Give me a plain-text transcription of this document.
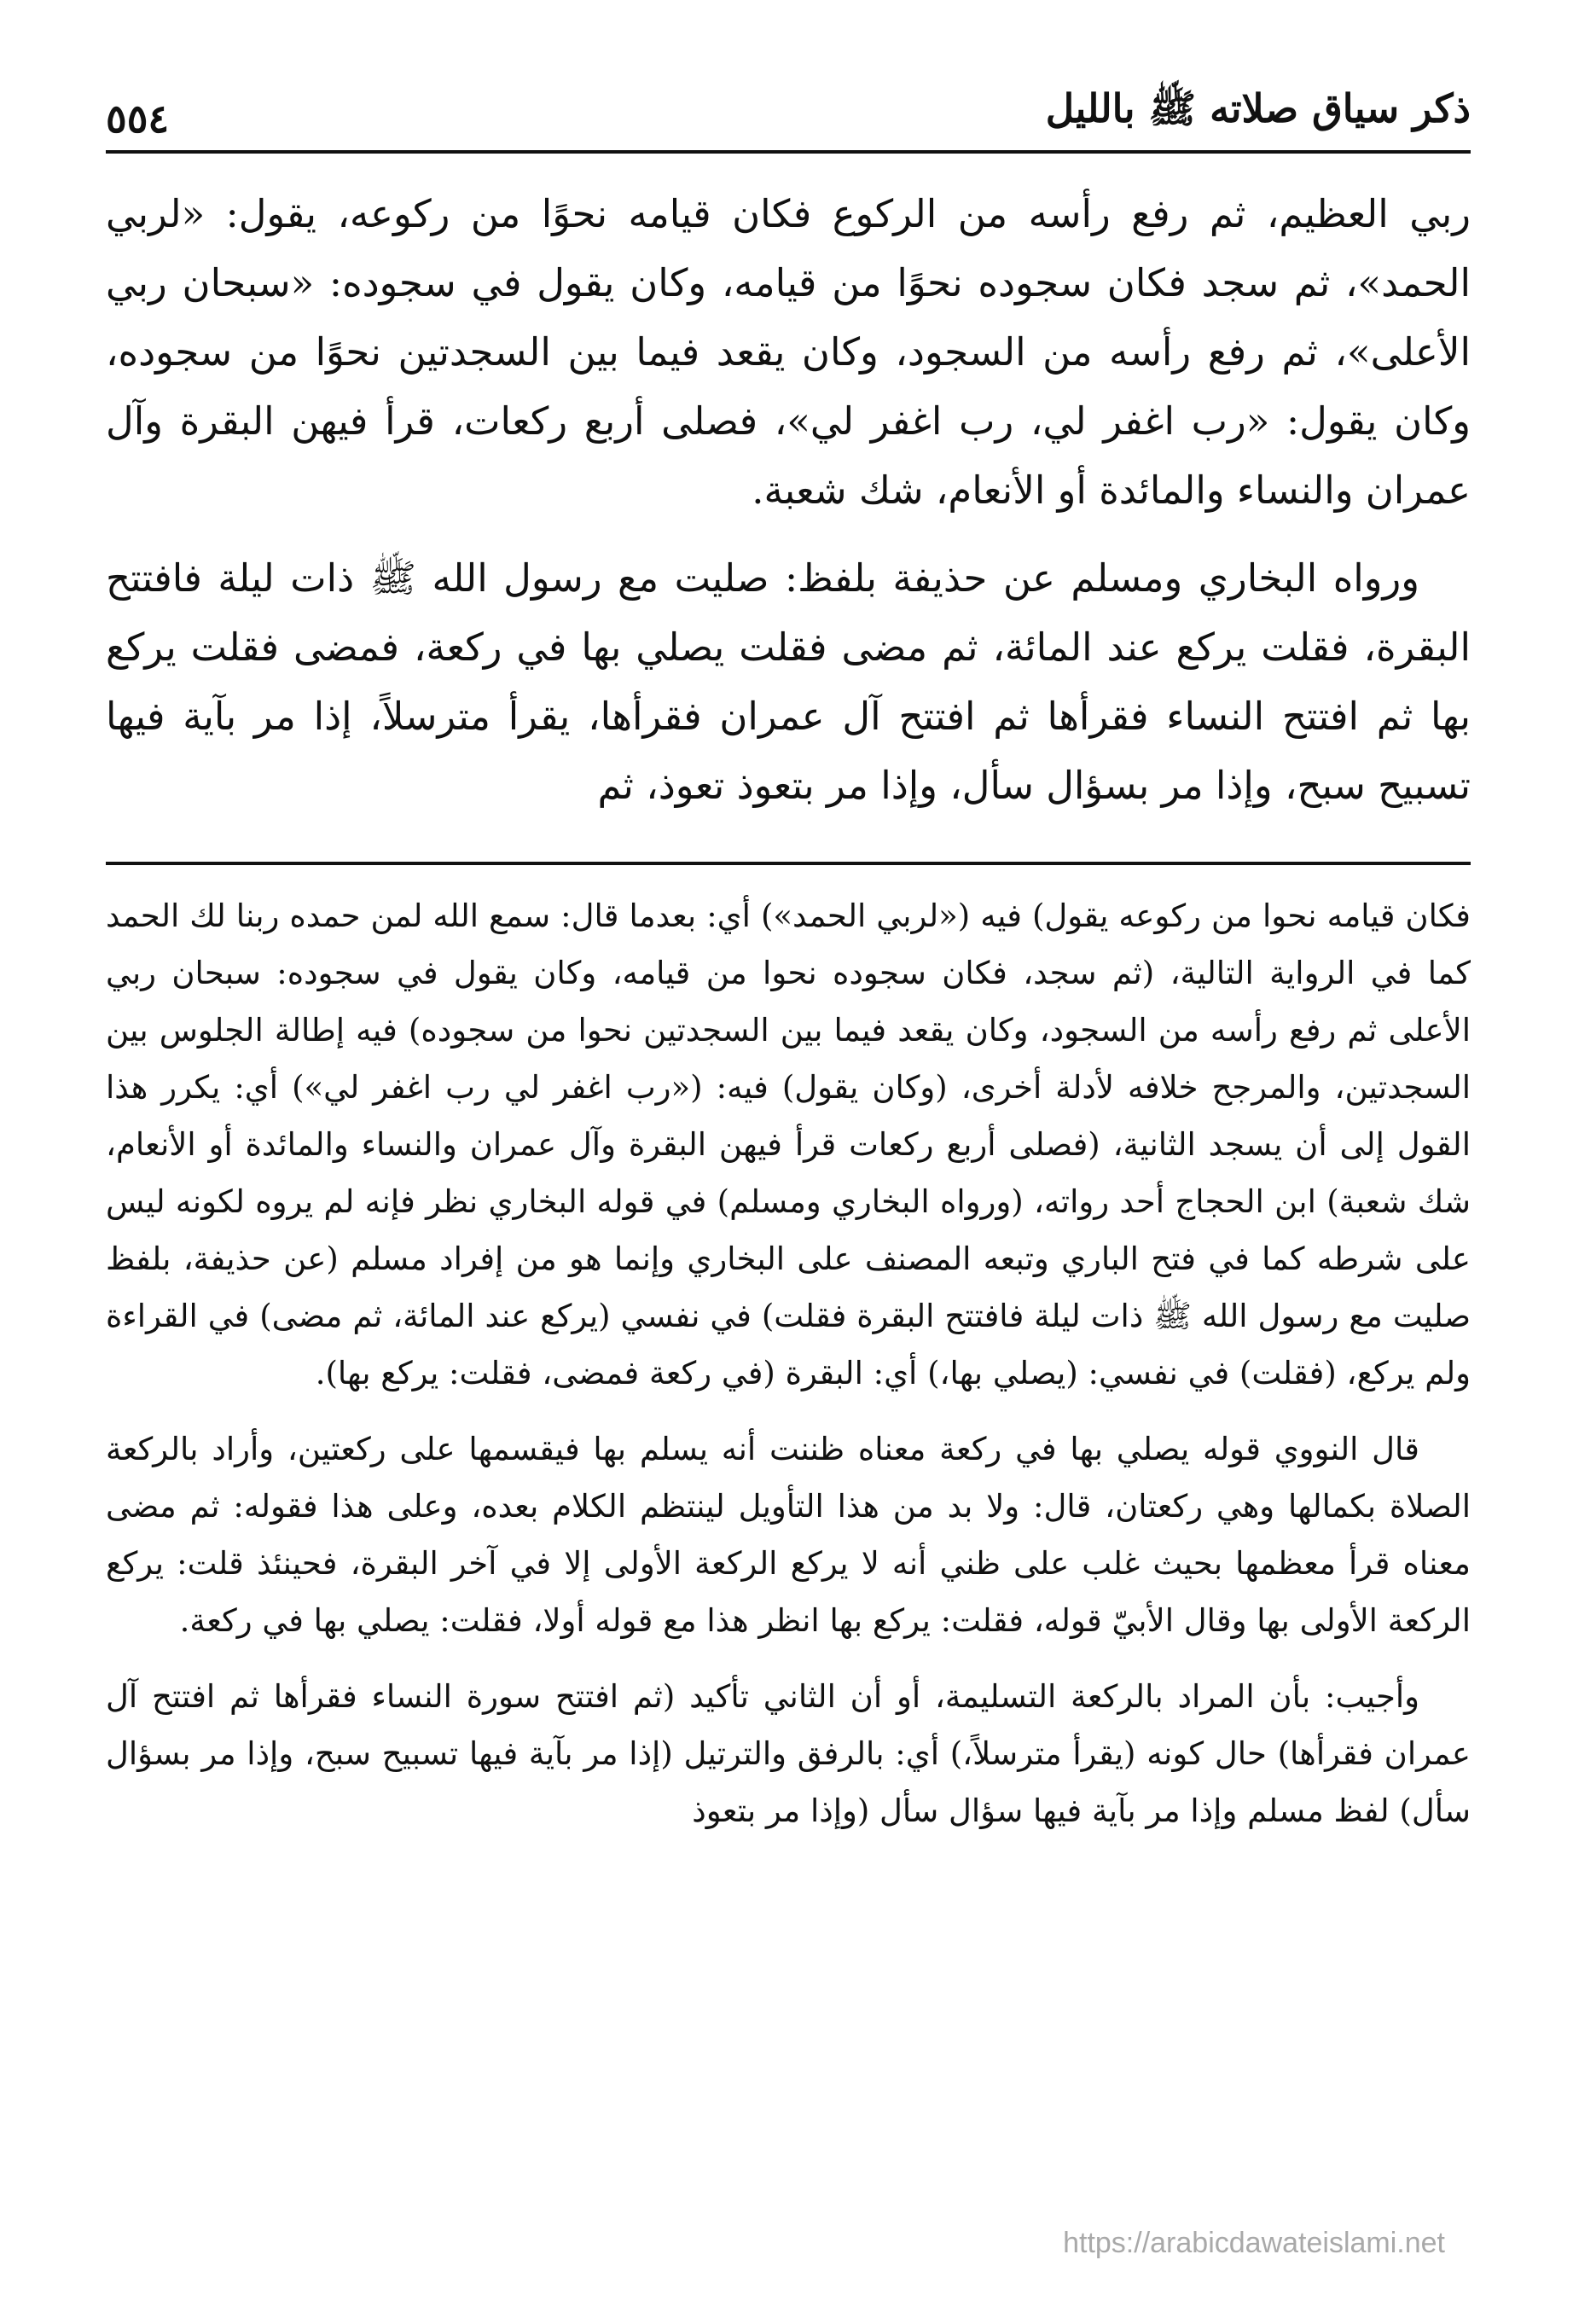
ذكر سياق صلاته ﷺ بالليل
٥٥٤

ربي العظيم، ثم رفع رأسه من الركوع فكان قيامه نحوًا من ركوعه، يقول: «لربي الحمد»، ثم سجد فكان سجوده نحوًا من قيامه، وكان يقول في سجوده: «سبحان ربي الأعلى»، ثم رفع رأسه من السجود، وكان يقعد فيما بين السجدتين نحوًا من سجوده، وكان يقول: «رب اغفر لي، رب اغفر لي»، فصلى أربع ركعات، قرأ فيهن البقرة وآل عمران والنساء والمائدة أو الأنعام، شك شعبة.

ورواه البخاري ومسلم عن حذيفة بلفظ: صليت مع رسول الله ﷺ ذات ليلة فافتتح البقرة، فقلت يركع عند المائة، ثم مضى فقلت يصلي بها في ركعة، فمضى فقلت يركع بها ثم افتتح النساء فقرأها ثم افتتح آل عمران فقرأها، يقرأ مترسلاً، إذا مر بآية فيها تسبيح سبح، وإذا مر بسؤال سأل، وإذا مر بتعوذ تعوذ، ثم

فكان قيامه نحوا من ركوعه يقول) فيه («لربي الحمد») أي: بعدما قال: سمع الله لمن حمده ربنا لك الحمد كما في الرواية التالية، (ثم سجد، فكان سجوده نحوا من قيامه، وكان يقول في سجوده: سبحان ربي الأعلى ثم رفع رأسه من السجود، وكان يقعد فيما بين السجدتين نحوا من سجوده) فيه إطالة الجلوس بين السجدتين، والمرجح خلافه لأدلة أخرى، (وكان يقول) فيه: («رب اغفر لي رب اغفر لي») أي: يكرر هذا القول إلى أن يسجد الثانية، (فصلى أربع ركعات قرأ فيهن البقرة وآل عمران والنساء والمائدة أو الأنعام، شك شعبة) ابن الحجاج أحد رواته، (ورواه البخاري ومسلم) في قوله البخاري نظر فإنه لم يروه لكونه ليس على شرطه كما في فتح الباري وتبعه المصنف على البخاري وإنما هو من إفراد مسلم (عن حذيفة، بلفظ صليت مع رسول الله ﷺ ذات ليلة فافتتح البقرة فقلت) في نفسي (يركع عند المائة، ثم مضى) في القراءة ولم يركع، (فقلت) في نفسي: (يصلي بها،) أي: البقرة (في ركعة فمضى، فقلت: يركع بها).

قال النووي قوله يصلي بها في ركعة معناه ظننت أنه يسلم بها فيقسمها على ركعتين، وأراد بالركعة الصلاة بكمالها وهي ركعتان، قال: ولا بد من هذا التأويل لينتظم الكلام بعده، وعلى هذا فقوله: ثم مضى معناه قرأ معظمها بحيث غلب على ظني أنه لا يركع الركعة الأولى إلا في آخر البقرة، فحينئذ قلت: يركع الركعة الأولى بها وقال الأبيّ قوله، فقلت: يركع بها انظر هذا مع قوله أولا، فقلت: يصلي بها في ركعة.

وأجيب: بأن المراد بالركعة التسليمة، أو أن الثاني تأكيد (ثم افتتح سورة النساء فقرأها ثم افتتح آل عمران فقرأها) حال كونه (يقرأ مترسلاً،) أي: بالرفق والترتيل (إذا مر بآية فيها تسبيح سبح، وإذا مر بسؤال سأل) لفظ مسلم وإذا مر بآية فيها سؤال سأل (وإذا مر بتعوذ

https://arabicdawateislami.net
